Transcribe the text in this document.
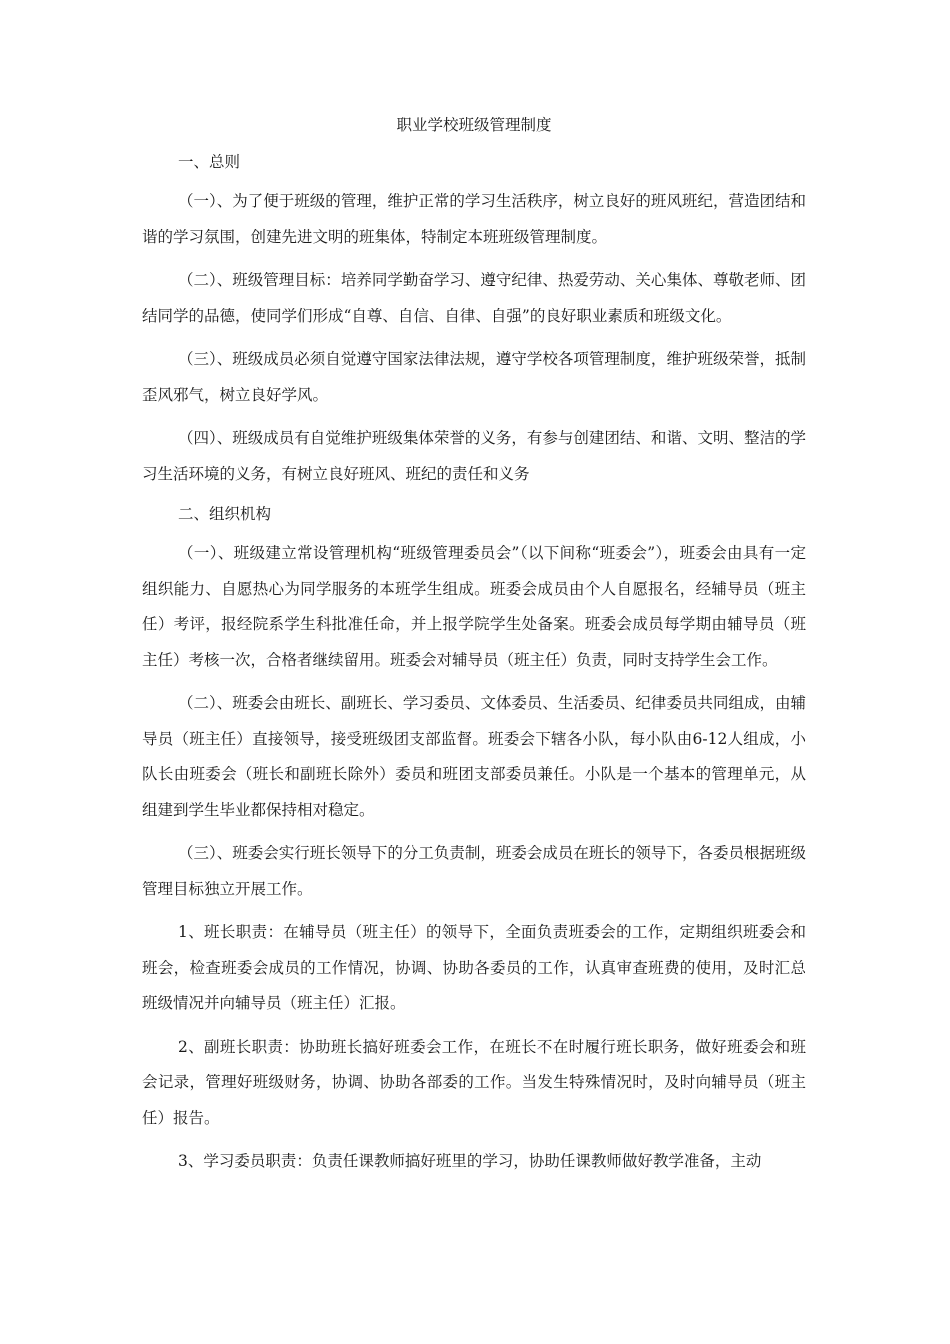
职业学校班级管理制度

一、总则

（一）、为了便于班级的管理，维护正常的学习生活秩序，树立良好的班风班纪，营造团结和谐的学习氛围，创建先进文明的班集体，特制定本班班级管理制度。

（二）、班级管理目标：培养同学勤奋学习、遵守纪律、热爱劳动、关心集体、尊敬老师、团结同学的品德，使同学们形成“自尊、自信、自律、自强”的良好职业素质和班级文化。

（三）、班级成员必须自觉遵守国家法律法规，遵守学校各项管理制度，维护班级荣誉，抵制歪风邪气，树立良好学风。

（四）、班级成员有自觉维护班级集体荣誉的义务，有参与创建团结、和谐、文明、整洁的学习生活环境的义务，有树立良好班风、班纪的责任和义务

二、组织机构

（一）、班级建立常设管理机构“班级管理委员会”（以下间称“班委会”），班委会由具有一定组织能力、自愿热心为同学服务的本班学生组成。班委会成员由个人自愿报名，经辅导员（班主任）考评，报经院系学生科批准任命，并上报学院学生处备案。班委会成员每学期由辅导员（班主任）考核一次，合格者继续留用。班委会对辅导员（班主任）负责，同时支持学生会工作。

（二）、班委会由班长、副班长、学习委员、文体委员、生活委员、纪律委员共同组成，由辅导员（班主任）直接领导，接受班级团支部监督。班委会下辖各小队，每小队由6-12人组成，小队长由班委会（班长和副班长除外）委员和班团支部委员兼任。小队是一个基本的管理单元，从组建到学生毕业都保持相对稳定。

（三）、班委会实行班长领导下的分工负责制，班委会成员在班长的领导下，各委员根据班级管理目标独立开展工作。

1、班长职责：在辅导员（班主任）的领导下，全面负责班委会的工作，定期组织班委会和班会，检查班委会成员的工作情况，协调、协助各委员的工作，认真审查班费的使用，及时汇总班级情况并向辅导员（班主任）汇报。

2、副班长职责：协助班长搞好班委会工作，在班长不在时履行班长职务，做好班委会和班会记录，管理好班级财务，协调、协助各部委的工作。当发生特殊情况时，及时向辅导员（班主任）报告。

3、学习委员职责：负责任课教师搞好班里的学习，协助任课教师做好教学准备，主动
